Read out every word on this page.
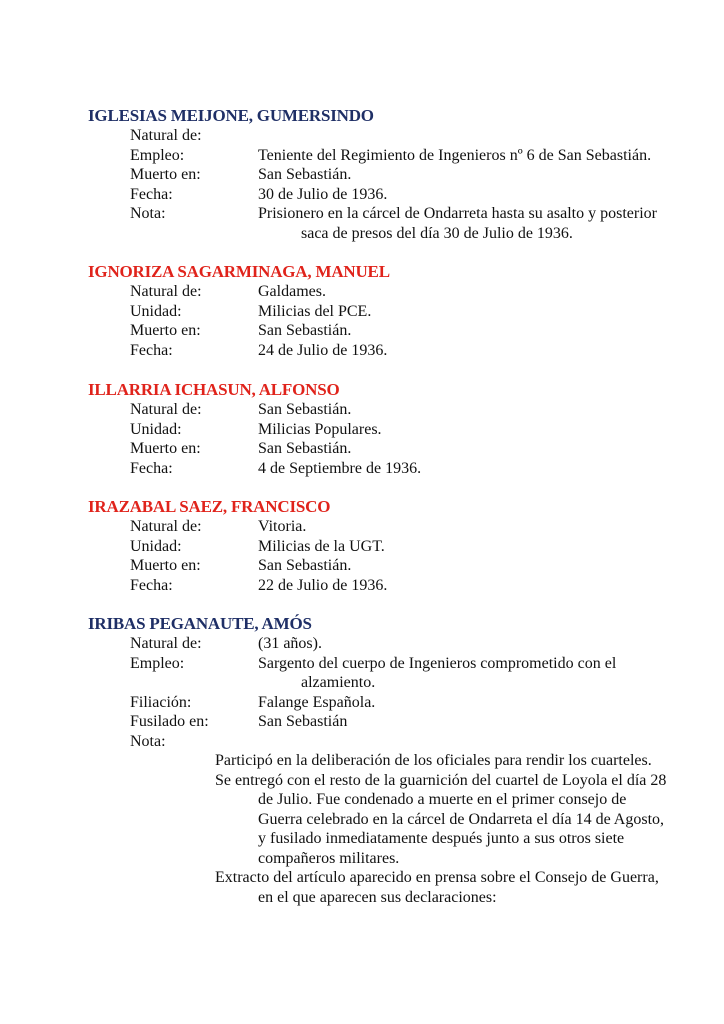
IGLESIAS MEIJONE, GUMERSINDO
Natural de:
Empleo:	Teniente del Regimiento de Ingenieros nº 6 de San Sebastián.
Muerto en:	San Sebastián.
Fecha:	30 de Julio de 1936.
Nota:	Prisionero en la cárcel de Ondarreta hasta su asalto y posterior
saca de presos del día 30 de Julio de 1936.
IGNORIZA SAGARMINAGA, MANUEL
Natural de:	Galdames.
Unidad:	Milicias del PCE.
Muerto en:	San Sebastián.
Fecha:	24 de Julio de 1936.
ILLARRIA ICHASUN, ALFONSO
Natural de:	San Sebastián.
Unidad:	Milicias Populares.
Muerto en:	San Sebastián.
Fecha:	4 de Septiembre de 1936.
IRAZABAL SAEZ, FRANCISCO
Natural de:	Vitoria.
Unidad:	Milicias de la UGT.
Muerto en:	San Sebastián.
Fecha:	22 de Julio de 1936.
IRIBAS PEGANAUTE, AMÓS
Natural de:	(31 años).
Empleo:	Sargento del cuerpo de Ingenieros comprometido con el
alzamiento.
Filiación:	Falange Española.
Fusilado en:	San Sebastián
Nota:
Participó en la deliberación de los oficiales para rendir los cuarteles.
Se entregó con el resto de la guarnición del cuartel de Loyola el día 28
de Julio. Fue condenado a muerte en el primer consejo de
Guerra celebrado en la cárcel de Ondarreta el día 14 de Agosto,
y fusilado inmediatamente después junto a sus otros siete
compañeros militares.
Extracto del artículo aparecido en prensa sobre el Consejo de Guerra,
en el que aparecen sus declaraciones:
